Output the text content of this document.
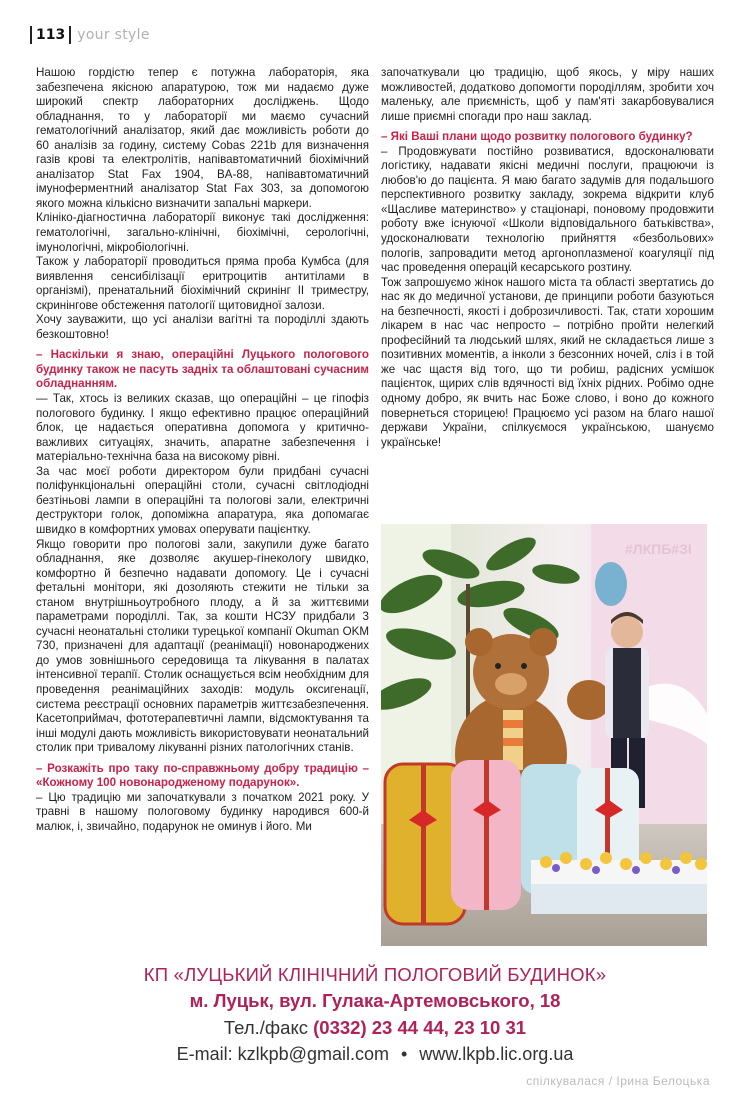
113 your style

Нашою гордістю тепер є потужна лабораторія, яка забезпечена якісною апаратурою, тож ми надаємо дуже широкий спектр лабораторних досліджень. Щодо обладнання, то у лабораторії ми маємо сучасний гематологічний аналізатор, який дає можливість роботи до 60 аналізів за годину, систему Cobas 221b для визначення газів крові та електролітів, напівавтоматичний біохімічний аналізатор Stat Fax 1904, BA-88, напівавтоматичний імуноферментний аналізатор Stat Fax 303, за допомогою якого можна кількісно визначити запальні маркери.

Клініко-діагностична лабораторії виконує такі дослідження: гематологічні, загально-клінічні, біохімічні, серологічні, імунологічні, мікробіологічні.

Також у лабораторії проводиться пряма проба Кумбса (для виявлення сенсибілізації еритроцитів антитілами в організмі), пренатальний біохімічний скринінг ІІ триместру, скринінгове обстеження патології щитовидної залози.

Хочу зауважити, що усі аналізи вагітні та породіллі здають безкоштовно!

– Наскільки я знаю, операційні Луцького пологового будинку також не пасуть задніх та облаштовані сучасним обладнанням.

— Так, хтось із великих сказав, що операційні – це гіпофіз пологового будинку. І якщо ефективно працює операційний блок, це надається оперативна допомога у критично-важливих ситуаціях, значить, апаратне забезпечення і матеріально-технічна база на високому рівні.

За час моєї роботи директором були придбані сучасні поліфункціональні операційні столи, сучасні світлодіодні безтіньові лампи в операційні та пологові зали, електричні деструктори голок, допоміжна апаратура, яка допомагає швидко в комфортних умовах оперувати пацієнтку.

Якщо говорити про пологові зали, закупили дуже багато обладнання, яке дозволяє акушер-гінекологу швидко, комфортно й безпечно надавати допомогу. Це і сучасні фетальні монітори, які дозоляють стежити не тільки за станом внутрішньоутробного плоду, а й за життєвими параметрами породіллі. Так, за кошти НСЗУ придбали 3 сучасні неонатальні столики турецької компанії Okuman OKM 730, призначені для адаптації (реанімації) новонароджених до умов зовнішнього середовища та лікування в палатах інтенсивної терапії. Столик оснащується всім необхідним для проведення реанімаційних заходів: модуль оксигенації, система реєстрації основних параметрів життєзабезпечення. Касетоприймач, фототерапевтичні лампи, відсмоктування та інші модулі дають можливість використовувати неонатальний столик при тривалому лікуванні різних патологічних станів.

– Розкажіть про таку по-справжньому добру традицію – «Кожному 100 новонародженому подарунок».

– Цю традицію ми започаткували з початком 2021 року. У травні в нашому пологовому будинку народився 600-й малюк, і, звичайно, подарунок не оминув і його. Ми

започаткували цю традицію, щоб якось, у міру наших можливостей, додатково допомогти породіллям, зробити хоч маленьку, але приємність, щоб у пам'яті закарбовувалися лише приємні спогади про наш заклад.

– Які Ваші плани щодо розвитку пологового будинку?

– Продовжувати постійно розвиватися, вдосконалювати логістику, надавати якісні медичні послуги, працюючи із любов'ю до пацієнта. Я маю багато задумів для подальшого перспективного розвитку закладу, зокрема відкрити клуб «Щасливе материнство» у стаціонарі, поновому продовжити роботу вже існуючої «Школи відповідального батьківства», удосконалювати технологію прийняття «безбольових» пологів, запровадити метод аргоноплазменої коагуляції під час проведення операцій кесарського розтину.

Тож запрошуємо жінок нашого міста та області звертатись до нас як до медичної установи, де принципи роботи базуються на безпечності, якості і доброзичливості. Так, стати хорошим лікарем в нас час непросто – потрібно пройти нелегкий професійний та людський шлях, який не складається лише з позитивних моментів, а інколи з безсонних ночей, сліз і в той же час щастя від того, що ти робиш, радісних усмішок пацієнток, щирих слів вдячності від їхніх рідних. Робімо одне одному добро, як вчить нас Боже слово, і воно до кожного повернеться сторицею! Працюємо усі разом на благо нашої держави України, спілкуємося українською, шануємо українське!

#ЛКПБ#ЗІ
КП «ЛУЦЬКИЙ КЛІНІЧНИЙ ПОЛОГОВИЙ БУДИНОК»
м. Луцьк, вул. Гулака-Артемовського, 18
Тел./факс (0332) 23 44 44, 23 10 31
E-mail: kzlkpb@gmail.com • www.lkpb.lic.org.ua
спілкувалася / Ірина Белоцька
